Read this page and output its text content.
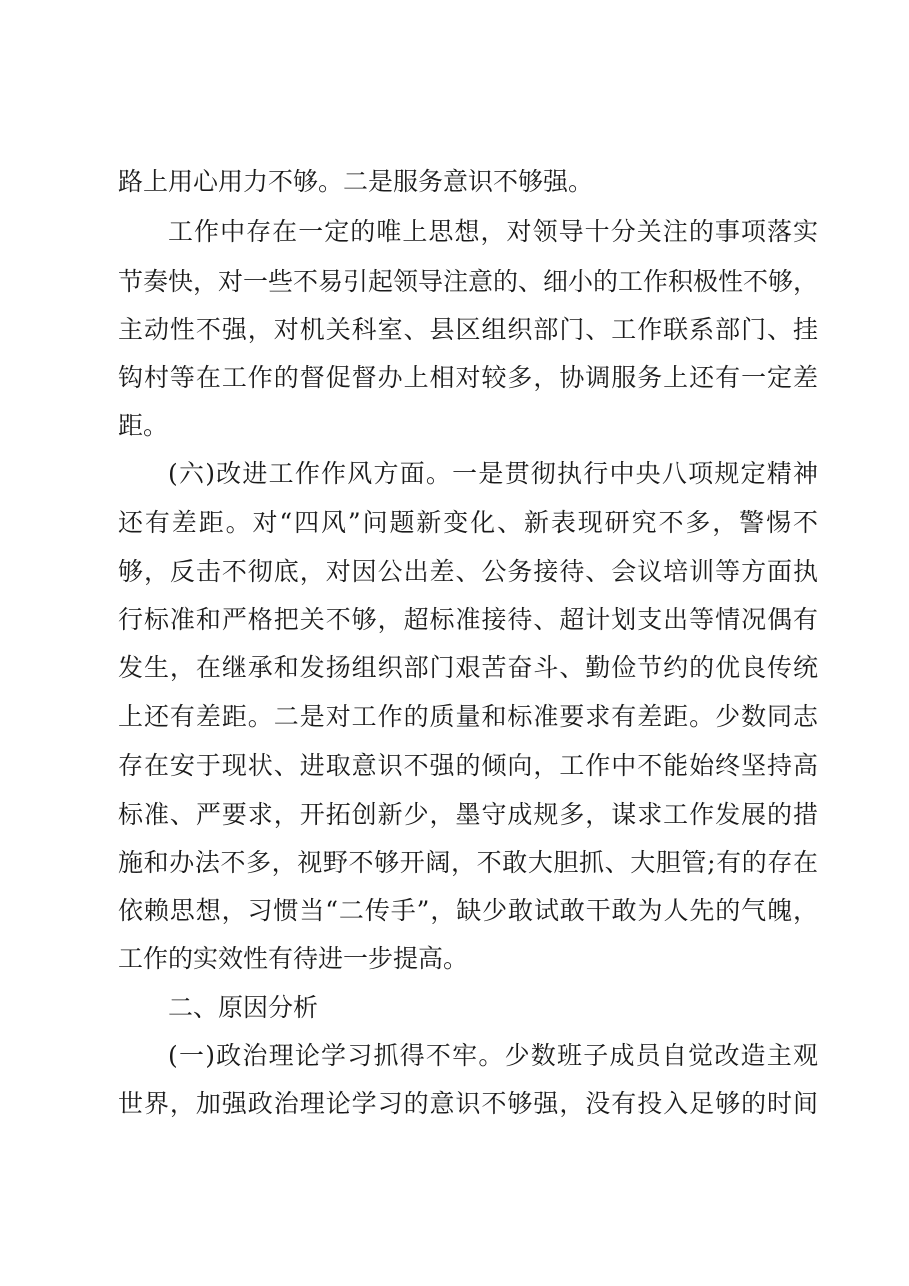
路上用心用力不够。二是服务意识不够强。
工作中存在一定的唯上思想，对领导十分关注的事项落实
节奏快，对一些不易引起领导注意的、细小的工作积极性不够，
主动性不强，对机关科室、县区组织部门、工作联系部门、挂
钩村等在工作的督促督办上相对较多，协调服务上还有一定差
距。
(六)改进工作作风方面。一是贯彻执行中央八项规定精神
还有差距。对“四风”问题新变化、新表现研究不多，警惕不
够，反击不彻底，对因公出差、公务接待、会议培训等方面执
行标准和严格把关不够，超标准接待、超计划支出等情况偶有
发生，在继承和发扬组织部门艰苦奋斗、勤俭节约的优良传统
上还有差距。二是对工作的质量和标准要求有差距。少数同志
存在安于现状、进取意识不强的倾向，工作中不能始终坚持高
标准、严要求，开拓创新少，墨守成规多，谋求工作发展的措
施和办法不多，视野不够开阔，不敢大胆抓、大胆管;有的存在
依赖思想，习惯当“二传手”，缺少敢试敢干敢为人先的气魄，
工作的实效性有待进一步提高。
二、原因分析
(一)政治理论学习抓得不牢。少数班子成员自觉改造主观
世界，加强政治理论学习的意识不够强，没有投入足够的时间
